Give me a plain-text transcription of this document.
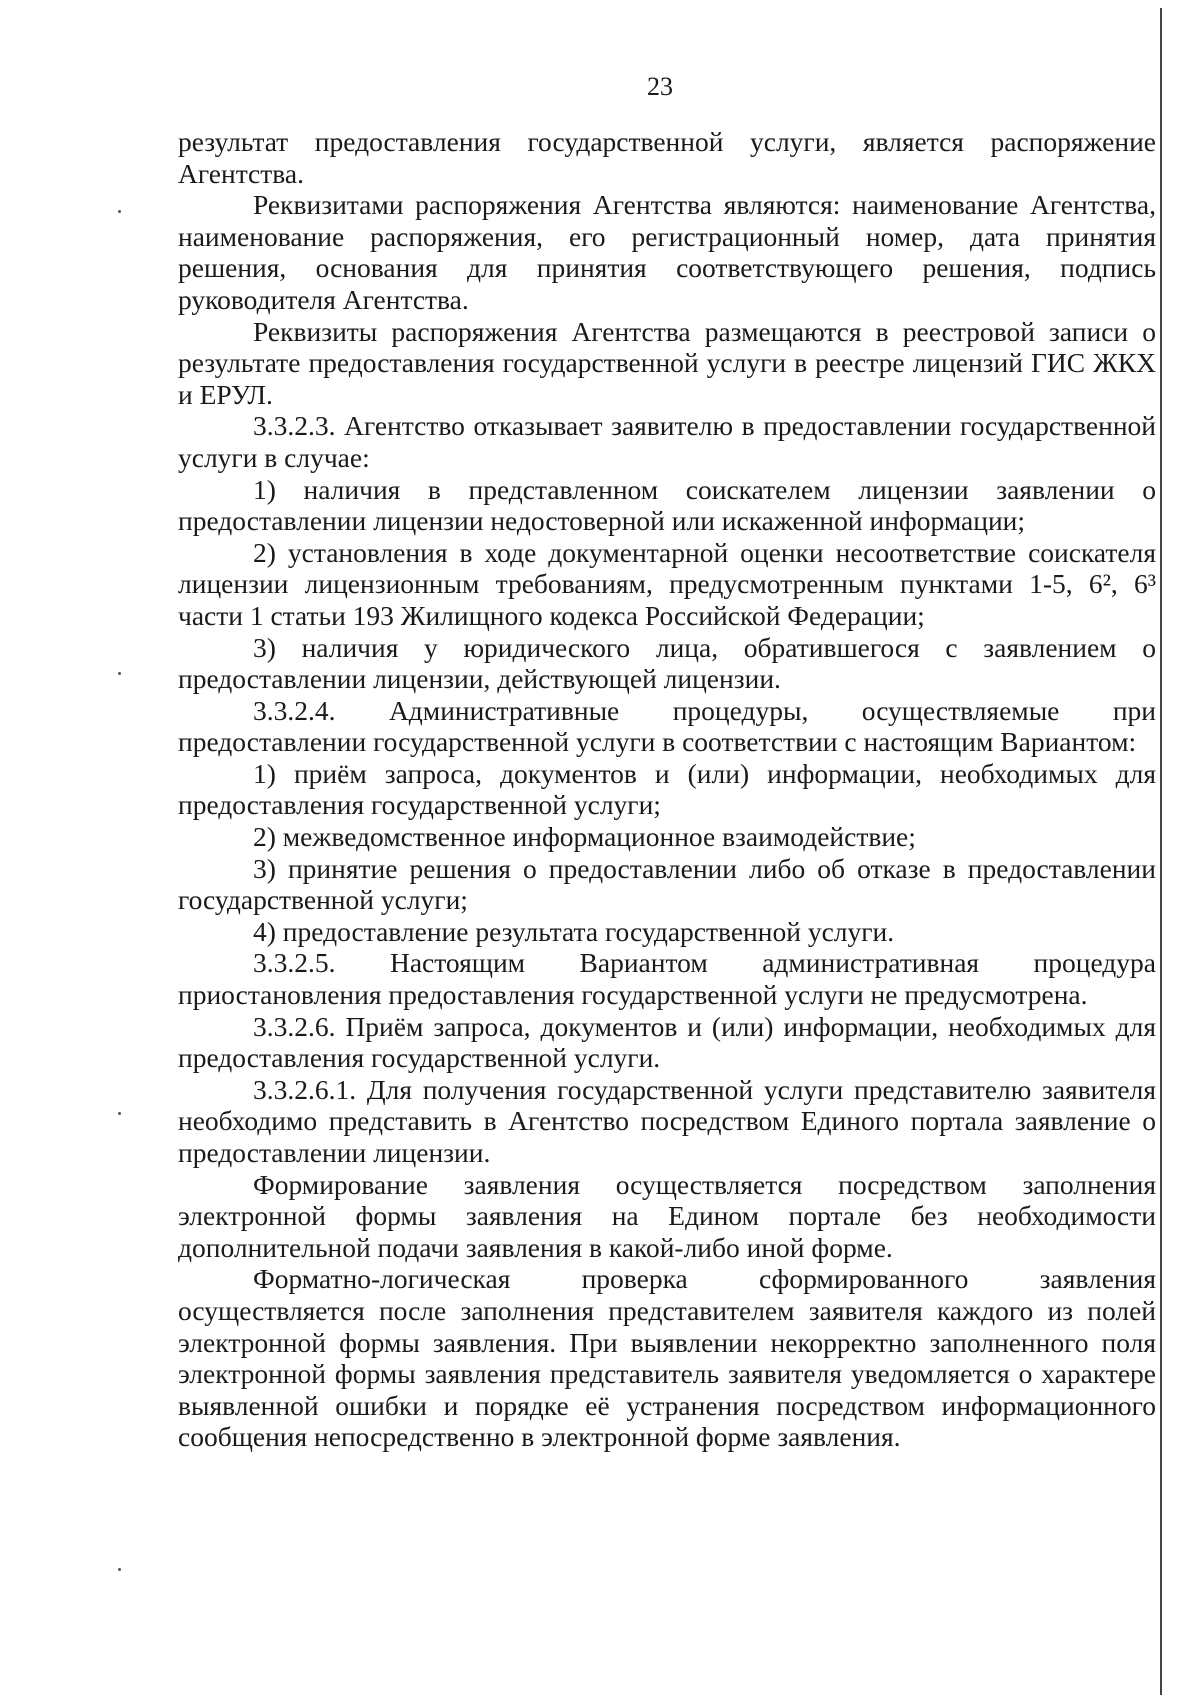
23

результат предоставления государственной услуги, является распоряжение Агентства.

Реквизитами распоряжения Агентства являются: наименование Агентства, наименование распоряжения, его регистрационный номер, дата принятия решения, основания для принятия соответствующего решения, подпись руководителя Агентства.

Реквизиты распоряжения Агентства размещаются в реестровой записи о результате предоставления государственной услуги в реестре лицензий ГИС ЖКХ и ЕРУЛ.

3.3.2.3. Агентство отказывает заявителю в предоставлении государственной услуги в случае:

1) наличия в представленном соискателем лицензии заявлении о предоставлении лицензии недостоверной или искаженной информации;

2) установления в ходе документарной оценки несоответствие соискателя лицензии лицензионным требованиям, предусмотренным пунктами 1-5, 6², 6³ части 1 статьи 193 Жилищного кодекса Российской Федерации;

3) наличия у юридического лица, обратившегося с заявлением о предоставлении лицензии, действующей лицензии.

3.3.2.4. Административные процедуры, осуществляемые при предоставлении государственной услуги в соответствии с настоящим Вариантом:

1) приём запроса, документов и (или) информации, необходимых для предоставления государственной услуги;

2) межведомственное информационное взаимодействие;

3) принятие решения о предоставлении либо об отказе в предоставлении государственной услуги;

4) предоставление результата государственной услуги.

3.3.2.5. Настоящим Вариантом административная процедура приостановления предоставления государственной услуги не предусмотрена.

3.3.2.6. Приём запроса, документов и (или) информации, необходимых для предоставления государственной услуги.

3.3.2.6.1. Для получения государственной услуги представителю заявителя необходимо представить в Агентство посредством Единого портала заявление о предоставлении лицензии.

Формирование заявления осуществляется посредством заполнения электронной формы заявления на Едином портале без необходимости дополнительной подачи заявления в какой-либо иной форме.

Форматно-логическая проверка сформированного заявления осуществляется после заполнения представителем заявителя каждого из полей электронной формы заявления. При выявлении некорректно заполненного поля электронной формы заявления представитель заявителя уведомляется о характере выявленной ошибки и порядке её устранения посредством информационного сообщения непосредственно в электронной форме заявления.
